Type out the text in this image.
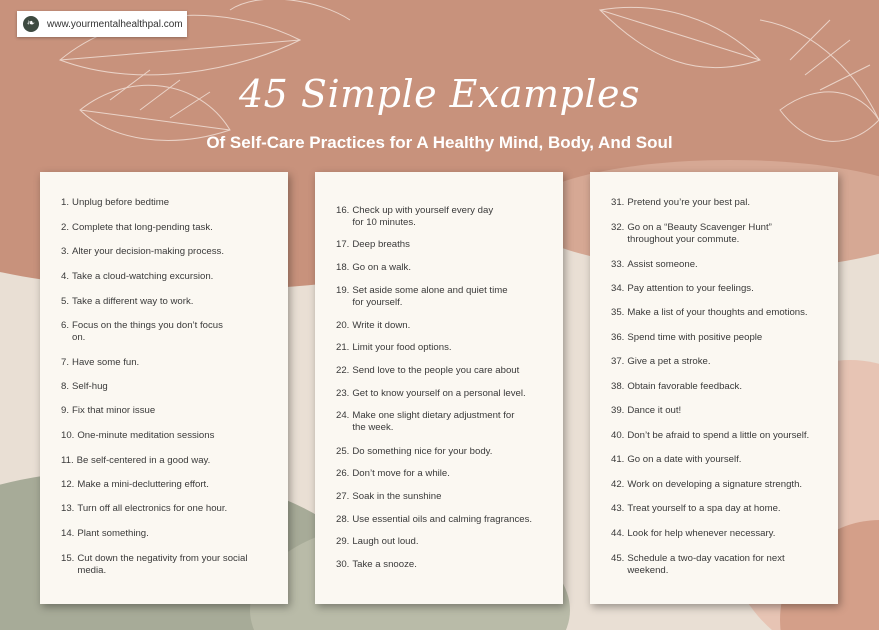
❧	www.yourmentalhealthpal.com
45 Simple Examples
Of Self-Care Practices for A Healthy Mind, Body, And Soul
1. Unplug before bedtime
2. Complete that long-pending task.
3. Alter your decision-making process.
4. Take a cloud-watching excursion.
5. Take a different way to work.
6. Focus on the things you don’t focus on.
7. Have some fun.
8. Self-hug
9. Fix that minor issue
10. One-minute meditation sessions
11. Be self-centered in a good way.
12. Make a mini-decluttering effort.
13. Turn off all electronics for one hour.
14. Plant something.
15. Cut down the negativity from your social media.
16. Check up with yourself every day for 10 minutes.
17. Deep breaths
18. Go on a walk.
19. Set aside some alone and quiet time for yourself.
20. Write it down.
21. Limit your food options.
22. Send love to the people you care about
23. Get to know yourself on a personal level.
24. Make one slight dietary adjustment for the week.
25. Do something nice for your body.
26. Don’t move for a while.
27. Soak in the sunshine
28. Use essential oils and calming fragrances.
29. Laugh out loud.
30. Take a snooze.
31. Pretend you’re your best pal.
32. Go on a “Beauty Scavenger Hunt” throughout your commute.
33. Assist someone.
34. Pay attention to your feelings.
35. Make a list of your thoughts and emotions.
36. Spend time with positive people
37. Give a pet a stroke.
38. Obtain favorable feedback.
39. Dance it out!
40. Don’t be afraid to spend a little on yourself.
41. Go on a date with yourself.
42. Work on developing a signature strength.
43. Treat yourself to a spa day at home.
44. Look for help whenever necessary.
45. Schedule a two-day vacation for next weekend.
